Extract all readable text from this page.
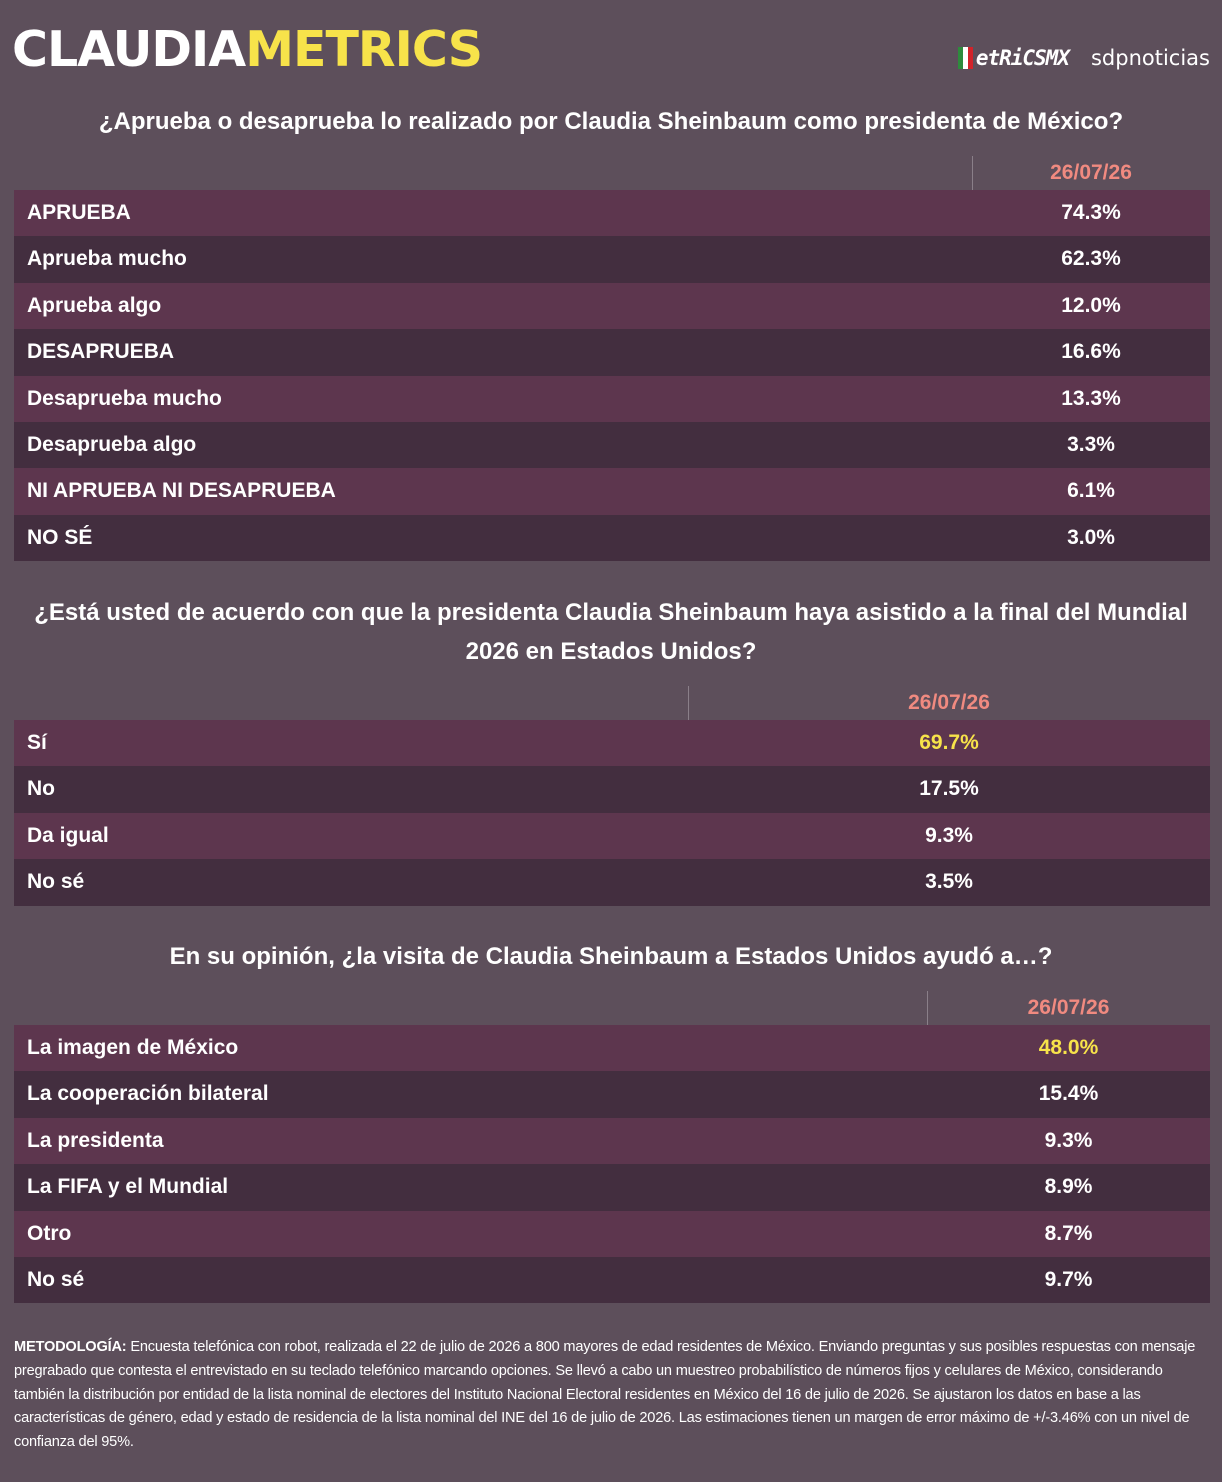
CLAUDIAMETRICS	etRiCSMX sdpnoticias
¿Aprueba o desaprueba lo realizado por Claudia Sheinbaum como presidenta de México?
26/07/26
APRUEBA	74.3%
Aprueba mucho	62.3%
Aprueba algo	12.0%
DESAPRUEBA	16.6%
Desaprueba mucho	13.3%
Desaprueba algo	3.3%
NI APRUEBA NI DESAPRUEBA	6.1%
NO SÉ	3.0%
¿Está usted de acuerdo con que la presidenta Claudia Sheinbaum haya asistido a la final del Mundial 2026 en Estados Unidos?
26/07/26
Sí	69.7%
No	17.5%
Da igual	9.3%
No sé	3.5%
En su opinión, ¿la visita de Claudia Sheinbaum a Estados Unidos ayudó a…?
26/07/26
La imagen de México	48.0%
La cooperación bilateral	15.4%
La presidenta	9.3%
La FIFA y el Mundial	8.9%
Otro	8.7%
No sé	9.7%
METODOLOGÍA: Encuesta telefónica con robot, realizada el 22 de julio de 2026 a 800 mayores de edad residentes de México. Enviando preguntas y sus posibles respuestas con mensaje pregrabado que contesta el entrevistado en su teclado telefónico marcando opciones. Se llevó a cabo un muestreo probabilístico de números fijos y celulares de México, considerando también la distribución por entidad de la lista nominal de electores del Instituto Nacional Electoral residentes en México del 16 de julio de 2026. Se ajustaron los datos en base a las características de género, edad y estado de residencia de la lista nominal del INE del 16 de julio de 2026. Las estimaciones tienen un margen de error máximo de +/-3.46% con un nivel de confianza del 95%.
